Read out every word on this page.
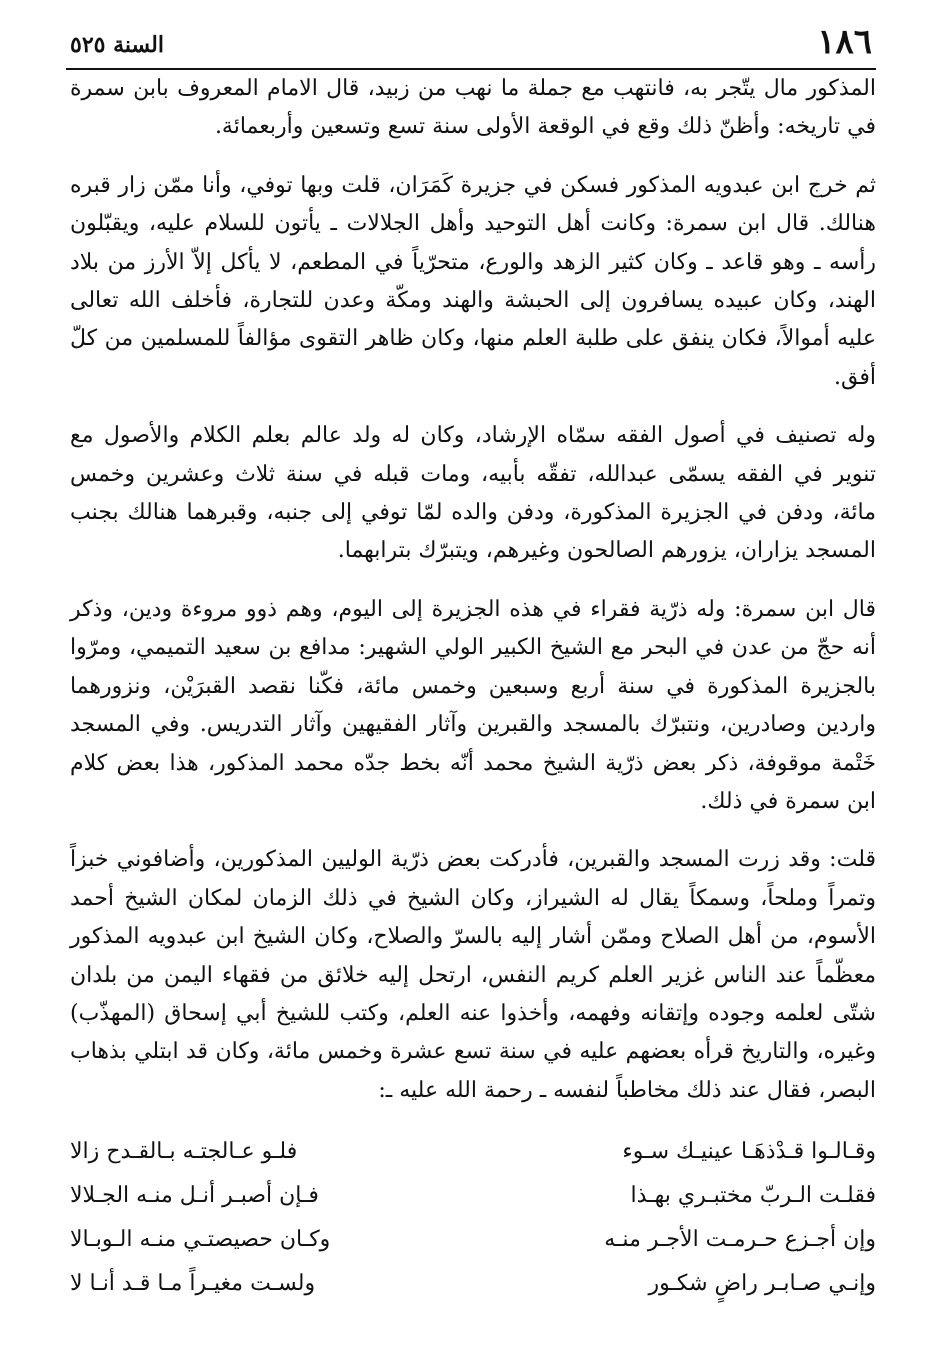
١٨٦
السنة ٥٢٥

المذكور مال يتّجر به، فانتهب مع جملة ما نهب من زبيد، قال الامام المعروف بابن سمرة في تاريخه: وأظنّ ذلك وقع في الوقعة الأولى سنة تسع وتسعين وأربعمائة.

ثم خرج ابن عبدويه المذكور فسكن في جزيرة كَمَرَان، قلت وبها توفي، وأنا ممّن زار قبره هنالك. قال ابن سمرة: وكانت أهل التوحيد وأهل الجلالات ـ يأتون للسلام عليه، ويقبّلون رأسه ـ وهو قاعد ـ وكان كثير الزهد والورع، متحرّياً في المطعم، لا يأكل إلاّ الأرز من بلاد الهند، وكان عبيده يسافرون إلى الحبشة والهند ومكّة وعدن للتجارة، فأخلف الله تعالى عليه أموالاً، فكان ينفق على طلبة العلم منها، وكان ظاهر التقوى مؤالفاً للمسلمين من كلّ أفق.

وله تصنيف في أصول الفقه سمّاه الإرشاد، وكان له ولد عالم بعلم الكلام والأصول مع تنوير في الفقه يسمّى عبدالله، تفقّه بأبيه، ومات قبله في سنة ثلاث وعشرين وخمس مائة، ودفن في الجزيرة المذكورة، ودفن والده لمّا توفي إلى جنبه، وقبرهما هنالك بجنب المسجد يزاران، يزورهم الصالحون وغيرهم، ويتبرّك بترابهما.

قال ابن سمرة: وله ذرّية فقراء في هذه الجزيرة إلى اليوم، وهم ذوو مروءة ودين، وذكر أنه حجّ من عدن في البحر مع الشيخ الكبير الولي الشهير: مدافع بن سعيد التميمي، ومرّوا بالجزيرة المذكورة في سنة أربع وسبعين وخمس مائة، فكّنا نقصد القبرَيْن، ونزورهما واردين وصادرين، ونتبرّك بالمسجد والقبرين وآثار الفقيهين وآثار التدريس. وفي المسجد خَتْمة موقوفة، ذكر بعض ذرّية الشيخ محمد أنّه بخط جدّه محمد المذكور، هذا بعض كلام ابن سمرة في ذلك.

قلت: وقد زرت المسجد والقبرين، فأدركت بعض ذرّية الوليين المذكورين، وأضافوني خبزاً وتمراً وملحاً، وسمكاً يقال له الشيراز، وكان الشيخ في ذلك الزمان لمكان الشيخ أحمد الأسوم، من أهل الصلاح وممّن أشار إليه بالسرّ والصلاح، وكان الشيخ ابن عبدويه المذكور معظّماً عند الناس غزير العلم كريم النفس، ارتحل إليه خلائق من فقهاء اليمن من بلدان شتّى لعلمه وجوده وإتقانه وفهمه، وأخذوا عنه العلم، وكتب للشيخ أبي إسحاق (المهذّب) وغيره، والتاريخ قرأه بعضهم عليه في سنة تسع عشرة وخمس مائة، وكان قد ابتلي بذهاب البصر، فقال عند ذلك مخاطباً لنفسه ـ رحمة الله عليه ـ:

وقـالـوا قـدْذهَـا عينيـك سـوء
فلـو عـالجتـه بـالقـدح زالا
فقلـت الـربّ مختبـري بهـذا
فـإن أصبـر أنـل منـه الجـلالا
وإن أجـزع حـرمـت الأجـر منـه
وكـان حصيصتـي منـه الـوبـالا
وإنـي صـابـر راضٍ شكـور
ولسـت مغيـراً مـا قـد أنـا لا
